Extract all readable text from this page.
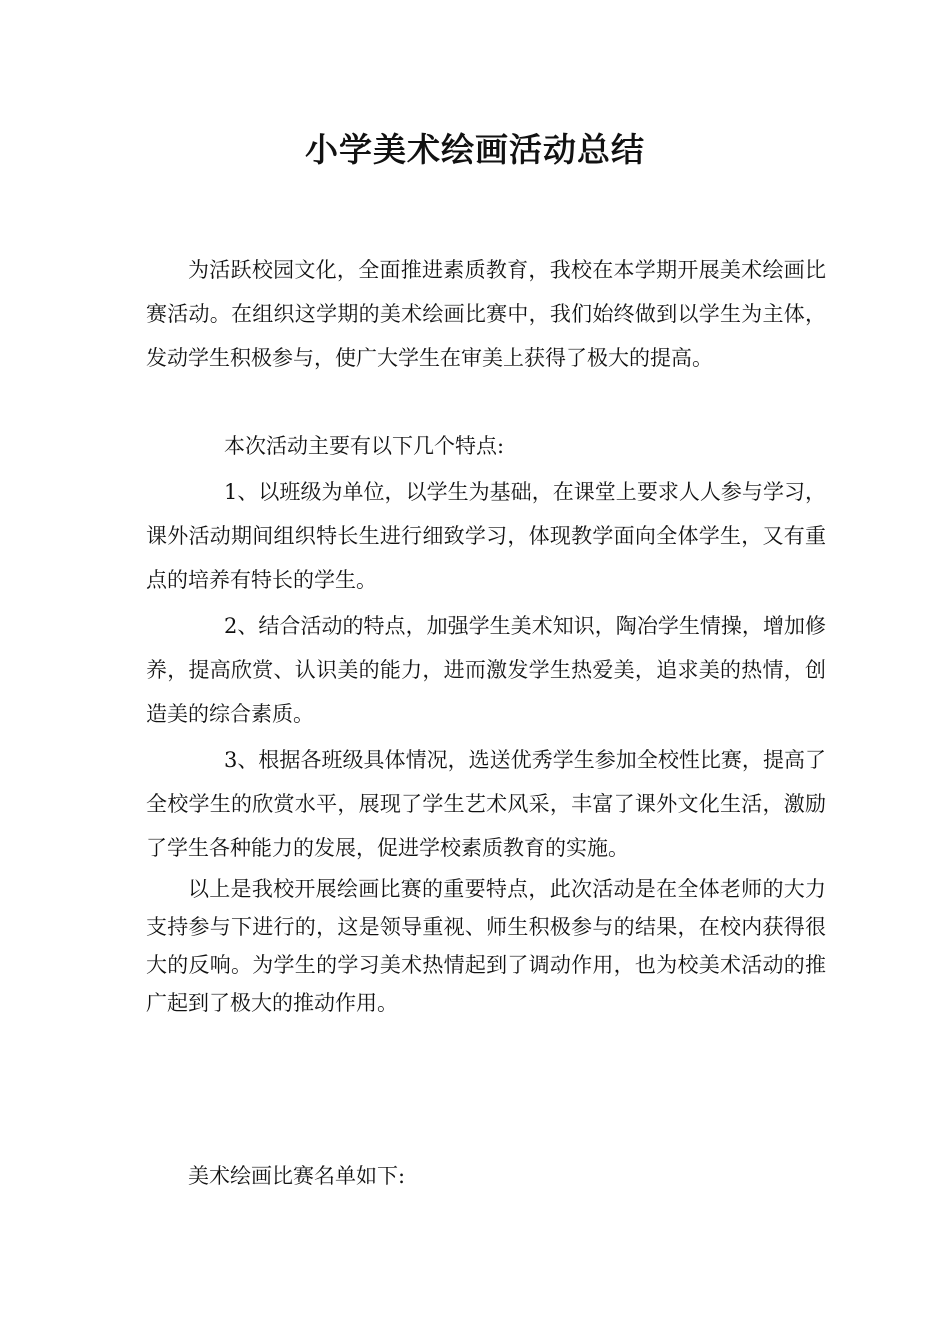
小学美术绘画活动总结

为活跃校园文化，全面推进素质教育，我校在本学期开展美术绘画比赛活动。在组织这学期的美术绘画比赛中，我们始终做到以学生为主体，发动学生积极参与，使广大学生在审美上获得了极大的提高。

本次活动主要有以下几个特点:

1、以班级为单位，以学生为基础，在课堂上要求人人参与学习，课外活动期间组织特长生进行细致学习，体现教学面向全体学生，又有重点的培养有特长的学生。

2、结合活动的特点，加强学生美术知识，陶冶学生情操，增加修养，提高欣赏、认识美的能力，进而激发学生热爱美，追求美的热情，创造美的综合素质。

3、根据各班级具体情况，选送优秀学生参加全校性比赛，提高了全校学生的欣赏水平，展现了学生艺术风采，丰富了课外文化生活，激励了学生各种能力的发展，促进学校素质教育的实施。

以上是我校开展绘画比赛的重要特点，此次活动是在全体老师的大力支持参与下进行的，这是领导重视、师生积极参与的结果，在校内获得很大的反响。为学生的学习美术热情起到了调动作用，也为校美术活动的推广起到了极大的推动作用。

美术绘画比赛名单如下:
